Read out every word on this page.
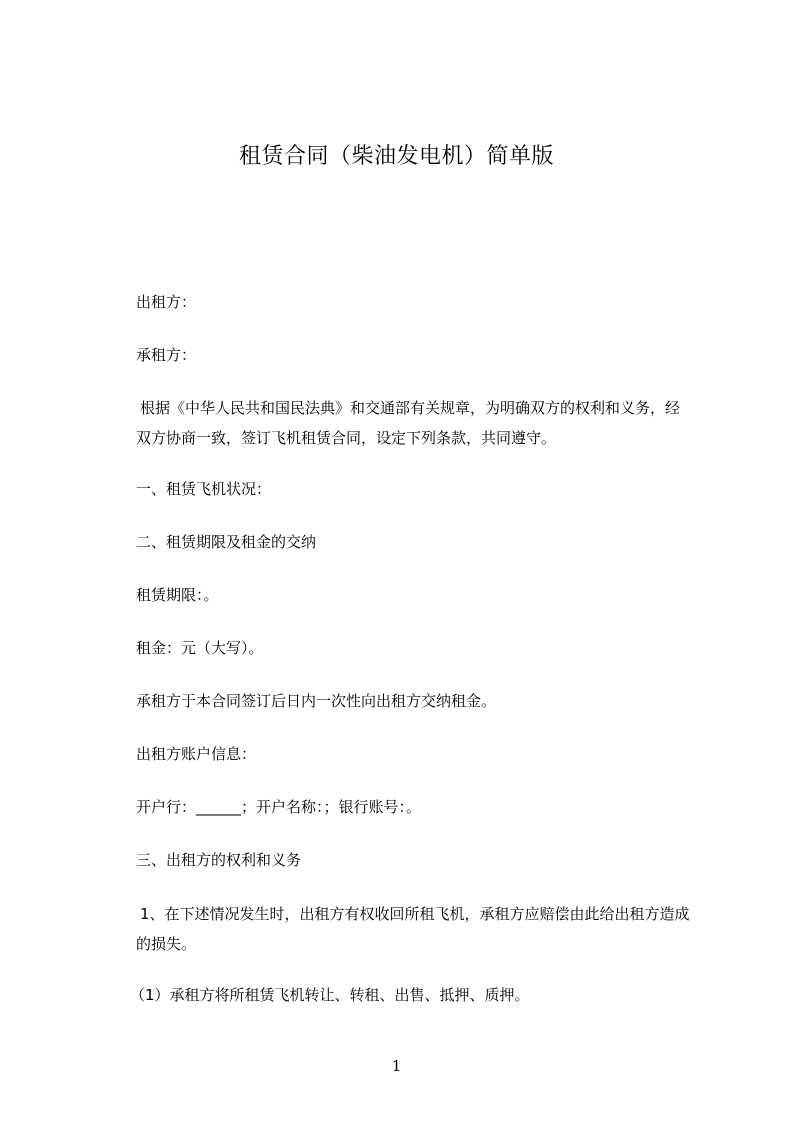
租赁合同（柴油发电机）简单版
出租方：
承租方：
根据《中华人民共和国民法典》和交通部有关规章，为明确双方的权利和义务，经双方协商一致，签订飞机租赁合同，设定下列条款，共同遵守。
一、租赁飞机状况：
二、租赁期限及租金的交纳
租赁期限：。
租金：元（大写）。
承租方于本合同签订后日内一次性向出租方交纳租金。
出租方账户信息：
开户行：______；开户名称：；银行账号：。
三、出租方的权利和义务
1、在下述情况发生时，出租方有权收回所租飞机，承租方应赔偿由此给出租方造成的损失。
（1）承租方将所租赁飞机转让、转租、出售、抵押、质押。
1
